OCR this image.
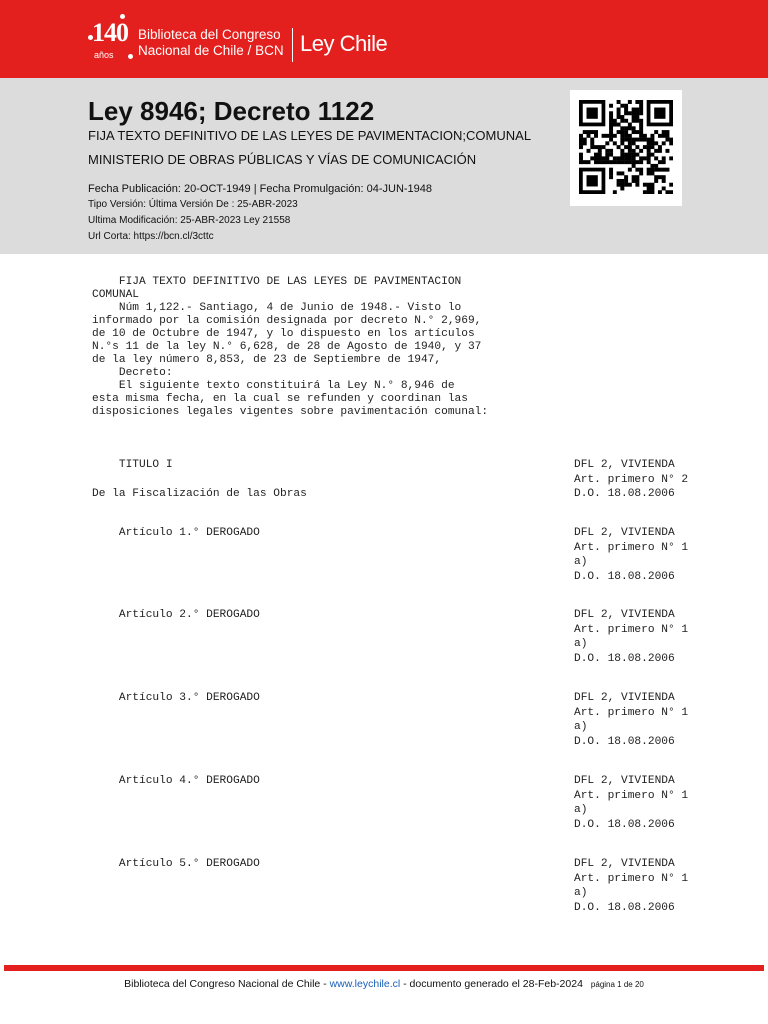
140
años
Biblioteca del Congreso
Nacional de Chile / BCN Ley Chile
Ley 8946; Decreto 1122
FIJA TEXTO DEFINITIVO DE LAS LEYES DE PAVIMENTACION;COMUNAL
MINISTERIO DE OBRAS PÚBLICAS Y VÍAS DE COMUNICACIÓN
Fecha Publicación: 20-OCT-1949 | Fecha Promulgación: 04-JUN-1948
Tipo Versión: Última Versión De : 25-ABR-2023
Ultima Modificación: 25-ABR-2023 Ley 21558
Url Corta: https://bcn.cl/3cttc
FIJA TEXTO DEFINITIVO DE LAS LEYES DE PAVIMENTACION
COMUNAL
Núm 1,122.- Santiago, 4 de Junio de 1948.- Visto lo
informado por la comisión designada por decreto N.° 2,969,
de 10 de Octubre de 1947, y lo dispuesto en los artículos
N.°s 11 de la ley N.° 6,628, de 28 de Agosto de 1940, y 37
de la ley número 8,853, de 23 de Septiembre de 1947,
Decreto:
El siguiente texto constituirá la Ley N.° 8,946 de
esta misma fecha, en la cual se refunden y coordinan las
disposiciones legales vigentes sobre pavimentación comunal:
TITULO I
De la Fiscalización de las Obras
DFL 2, VIVIENDA
Art. primero N° 2
D.O. 18.08.2006
Artículo 1.° DEROGADO	DFL 2, VIVIENDA
Art. primero N° 1
a)
D.O. 18.08.2006
Artículo 2.° DEROGADO	DFL 2, VIVIENDA
Art. primero N° 1
a)
D.O. 18.08.2006
Artículo 3.° DEROGADO	DFL 2, VIVIENDA
Art. primero N° 1
a)
D.O. 18.08.2006
Artículo 4.° DEROGADO	DFL 2, VIVIENDA
Art. primero N° 1
a)
D.O. 18.08.2006
Artículo 5.° DEROGADO	DFL 2, VIVIENDA
Art. primero N° 1
a)
D.O. 18.08.2006
Biblioteca del Congreso Nacional de Chile - www.leychile.cl - documento generado el 28-Feb-2024 página 1 de 20
